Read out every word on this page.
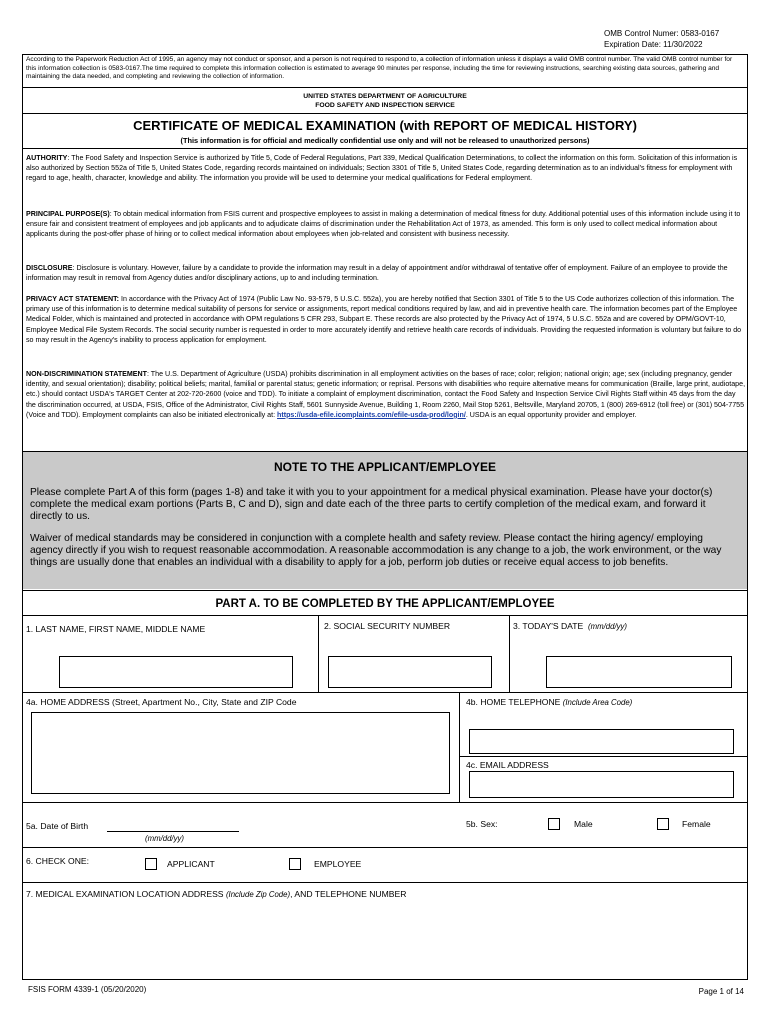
OMB Control Numer: 0583-0167
Expiration Date: 11/30/2022
According to the Paperwork Reduction Act of 1995, an agency may not conduct or sponsor, and a person is not required to respond to, a collection of information unless it displays a valid OMB control number. The valid OMB control number for this information collection is 0583-0167.The time required to complete this information collection is estimated to average 90 minutes per response, including the time for reviewing instructions, searching existing data sources, gathering and maintaining the data needed, and completing and reviewing the collection of information.
UNITED STATES DEPARTMENT OF AGRICULTURE
FOOD SAFETY AND INSPECTION SERVICE
CERTIFICATE OF MEDICAL EXAMINATION (with REPORT OF MEDICAL HISTORY)
(This information is for official and medically confidential use only and will not be released to unauthorized persons)
AUTHORITY: The Food Safety and Inspection Service is authorized by Title 5, Code of Federal Regulations, Part 339, Medical Qualification Determinations, to collect the information on this form. Solicitation of this information is also authorized by Section 552a of Title 5, United States Code, regarding records maintained on individuals; Section 3301 of Title 5, United States Code, regarding determination as to an individual's fitness for employment with regard to age, health, character, knowledge and ability. The information you provide will be used to determine your medical qualifications for Federal employment.
PRINCIPAL PURPOSE(S): To obtain medical information from FSIS current and prospective employees to assist in making a determination of medical fitness for duty. Additional potential uses of this information include using it to ensure fair and consistent treatment of employees and job applicants and to adjudicate claims of discrimination under the Rehabilitation Act of 1973, as amended. This form is only used to collect medical information about applicants during the post-offer phase of hiring or to collect medical information about employees when job-related and consistent with business necessity.
DISCLOSURE: Disclosure is voluntary. However, failure by a candidate to provide the information may result in a delay of appointment and/or withdrawal of tentative offer of employment. Failure of an employee to provide the information may result in removal from Agency duties and/or disciplinary actions, up to and including termination.
PRIVACY ACT STATEMENT: In accordance with the Privacy Act of 1974 (Public Law No. 93-579, 5 U.S.C. 552a), you are hereby notified that Section 3301 of Title 5 to the US Code authorizes collection of this information. The primary use of this information is to determine medical suitability of persons for service or assignments, report medical conditions required by law, and aid in preventive health care. The information becomes part of the Employee Medical Folder, which is maintained and protected in accordance with OPM regulations 5 CFR 293, Subpart E. These records are also protected by the Privacy Act of 1974, 5 U.S.C. 552a and are covered by OPM/GOVT-10, Employee Medical File System Records. The social security number is requested in order to more accurately identify and retrieve health care records of individuals. Providing the requested information is voluntary but failure to do so may result in the Agency's inability to process application for employment.
NON-DISCRIMINATION STATEMENT: The U.S. Department of Agriculture (USDA) prohibits discrimination in all employment activities on the bases of race; color; religion; national origin; age; sex (including pregnancy, gender identity, and sexual orientation); disability; political beliefs; marital, familial or parental status; genetic information; or reprisal. Persons with disabilities who require alternative means for communication (Braille, large print, audiotape, etc.) should contact USDA's TARGET Center at 202-720-2600 (voice and TDD). To initiate a complaint of employment discrimination, contact the Food Safety and Inspection Service Civil Rights Staff within 45 days from the day the discrimination occurred, at USDA, FSIS, Office of the Administrator, Civil Rights Staff, 5601 Sunnyside Avenue, Building 1, Room 2260, Mail Stop 5261, Beltsville, Maryland 20705, 1 (800) 269-6912 (toll free) or (301) 504-7755 (Voice and TDD). Employment complaints can also be initiated electronically at: https://usda-efile.icomplaints.com/efile-usda-prod/login/. USDA is an equal opportunity provider and employer.
NOTE TO THE APPLICANT/EMPLOYEE
Please complete Part A of this form (pages 1-8) and take it with you to your appointment for a medical physical examination. Please have your doctor(s) complete the medical exam portions (Parts B, C and D), sign and date each of the three parts to certify completion of the medical exam, and forward it directly to us.
Waiver of medical standards may be considered in conjunction with a complete health and safety review. Please contact the hiring agency/ employing agency directly if you wish to request reasonable accommodation. A reasonable accommodation is any change to a job, the work environment, or the way things are usually done that enables an individual with a disability to apply for a job, perform job duties or receive equal access to job benefits.
PART A. TO BE COMPLETED BY THE APPLICANT/EMPLOYEE
1. LAST NAME, FIRST NAME, MIDDLE NAME	2. SOCIAL SECURITY NUMBER	3. TODAY'S DATE (mm/dd/yy)
4a. HOME ADDRESS (Street, Apartment No., City, State and ZIP Code	4b. HOME TELEPHONE (Include Area Code)
4c. EMAIL ADDRESS
5a. Date of Birth
(mm/dd/yy)
5b. Sex:	Male	Female
6. CHECK ONE:	APPLICANT	EMPLOYEE
7. MEDICAL EXAMINATION LOCATION ADDRESS (Include Zip Code), AND TELEPHONE NUMBER
FSIS FORM 4339-1 (05/20/2020)	Page 1 of 14
